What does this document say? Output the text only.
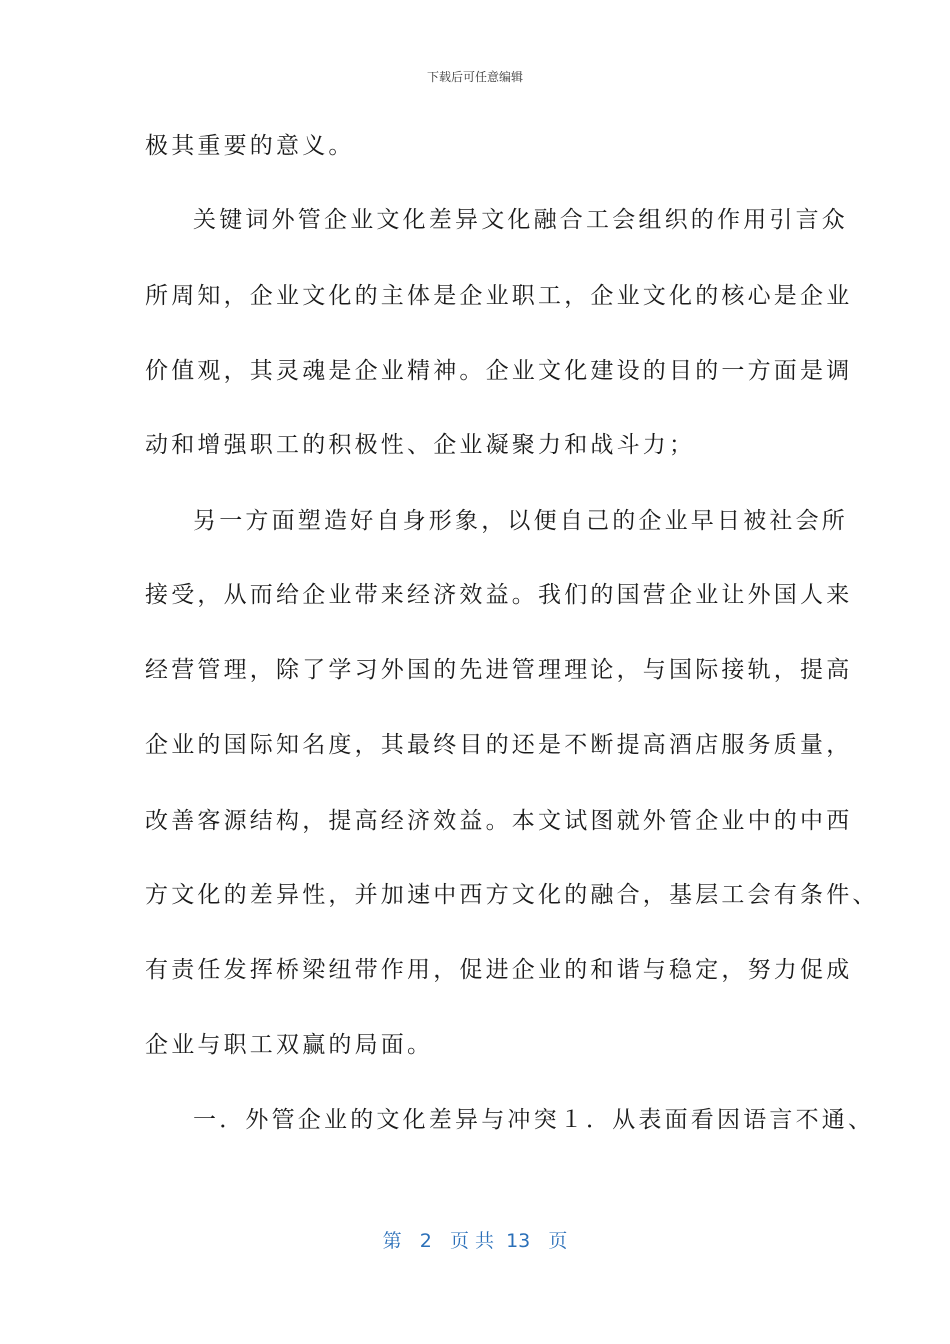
下载后可任意编辑
极其重要的意义。
关键词外管企业文化差异文化融合工会组织的作用引言众
所周知，企业文化的主体是企业职工，企业文化的核心是企业
价值观，其灵魂是企业精神。企业文化建设的目的一方面是调
动和增强职工的积极性、企业凝聚力和战斗力；
另一方面塑造好自身形象，以便自己的企业早日被社会所
接受，从而给企业带来经济效益。我们的国营企业让外国人来
经营管理，除了学习外国的先进管理理论，与国际接轨，提高
企业的国际知名度，其最终目的还是不断提高酒店服务质量，
改善客源结构，提高经济效益。本文试图就外管企业中的中西
方文化的差异性，并加速中西方文化的融合，基层工会有条件、
有责任发挥桥梁纽带作用，促进企业的和谐与稳定，努力促成
企业与职工双赢的局面。
一．外管企业的文化差异与冲突１．从表面看因语言不通、
第 2 页 共 13 页
